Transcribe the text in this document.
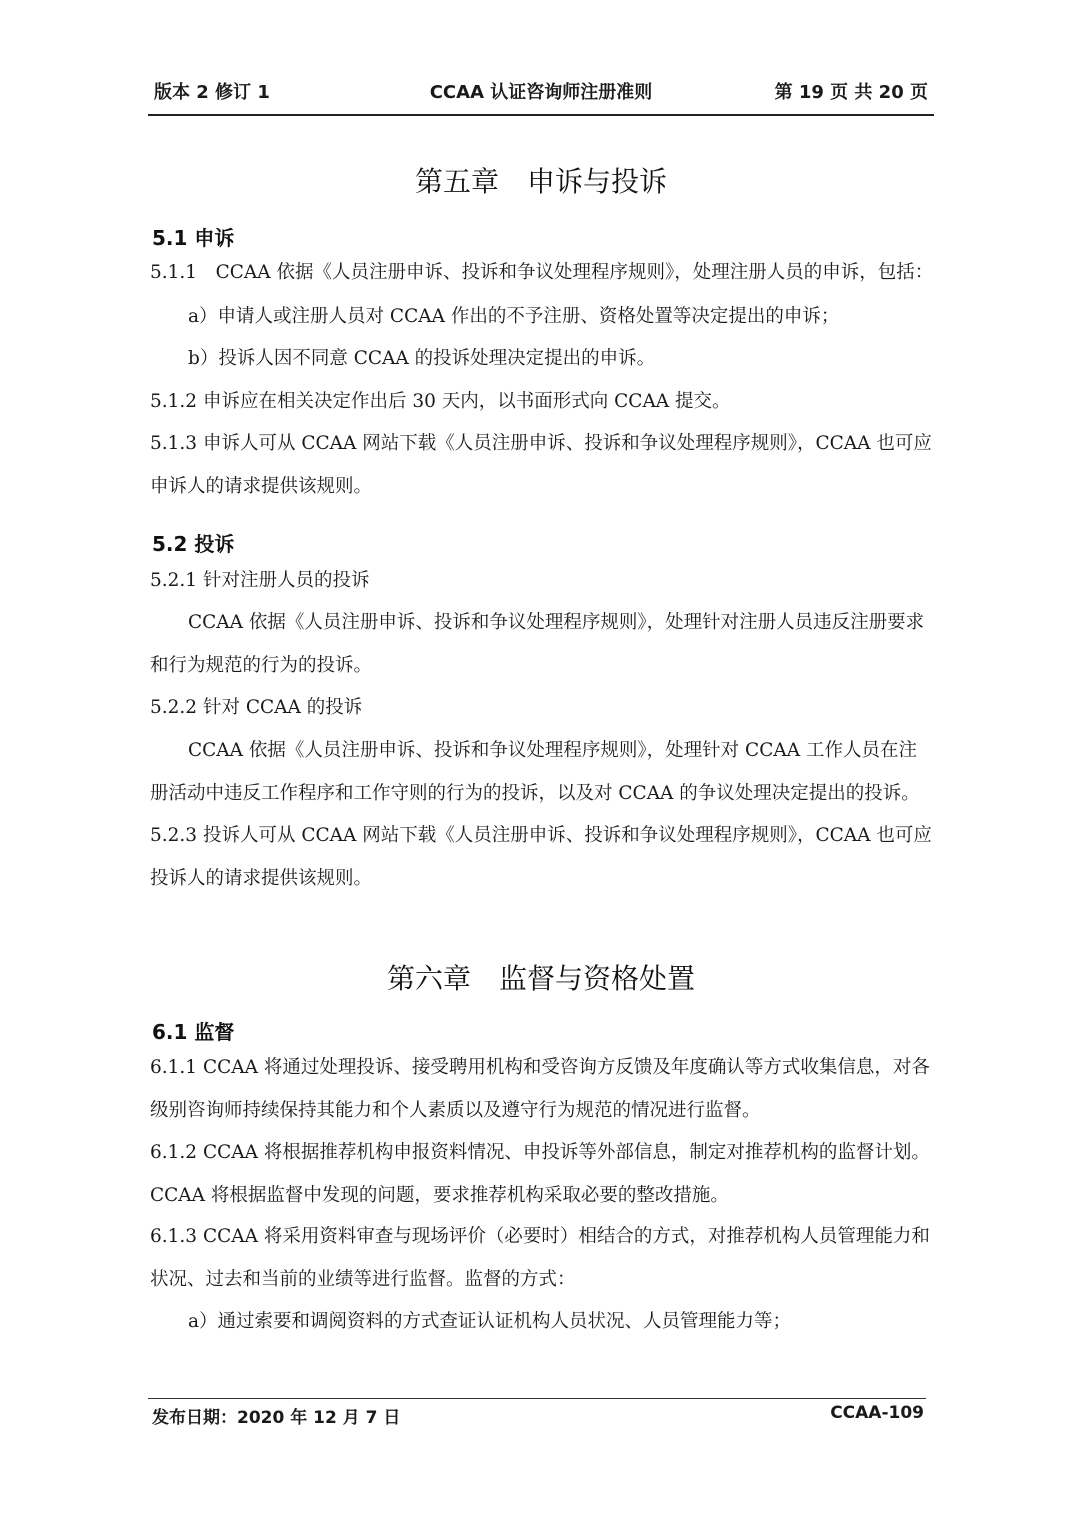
版本 2 修订 1	CCAA 认证咨询师注册准则	第 19 页 共 20 页
第五章　申诉与投诉
5.1 申诉

5.1.1　CCAA 依据《人员注册申诉、投诉和争议处理程序规则》，处理注册人员的申诉，包括：

a）申请人或注册人员对 CCAA 作出的不予注册、资格处置等决定提出的申诉；

b）投诉人因不同意 CCAA 的投诉处理决定提出的申诉。

5.1.2 申诉应在相关决定作出后 30 天内，以书面形式向 CCAA 提交。

5.1.3 申诉人可从 CCAA 网站下载《人员注册申诉、投诉和争议处理程序规则》，CCAA 也可应申诉人的请求提供该规则。

5.2 投诉

5.2.1 针对注册人员的投诉

CCAA 依据《人员注册申诉、投诉和争议处理程序规则》，处理针对注册人员违反注册要求和行为规范的行为的投诉。

5.2.2 针对 CCAA 的投诉

CCAA 依据《人员注册申诉、投诉和争议处理程序规则》，处理针对 CCAA 工作人员在注册活动中违反工作程序和工作守则的行为的投诉，以及对 CCAA 的争议处理决定提出的投诉。

5.2.3 投诉人可从 CCAA 网站下载《人员注册申诉、投诉和争议处理程序规则》，CCAA 也可应投诉人的请求提供该规则。

第六章　监督与资格处置
6.1 监督

6.1.1 CCAA 将通过处理投诉、接受聘用机构和受咨询方反馈及年度确认等方式收集信息，对各级别咨询师持续保持其能力和个人素质以及遵守行为规范的情况进行监督。

6.1.2 CCAA 将根据推荐机构申报资料情况、申投诉等外部信息，制定对推荐机构的监督计划。CCAA 将根据监督中发现的问题，要求推荐机构采取必要的整改措施。

6.1.3 CCAA 将采用资料审查与现场评价（必要时）相结合的方式，对推荐机构人员管理能力和状况、过去和当前的业绩等进行监督。监督的方式：

a）通过索要和调阅资料的方式查证认证机构人员状况、人员管理能力等；

发布日期：2020 年 12 月 7 日	CCAA-109
